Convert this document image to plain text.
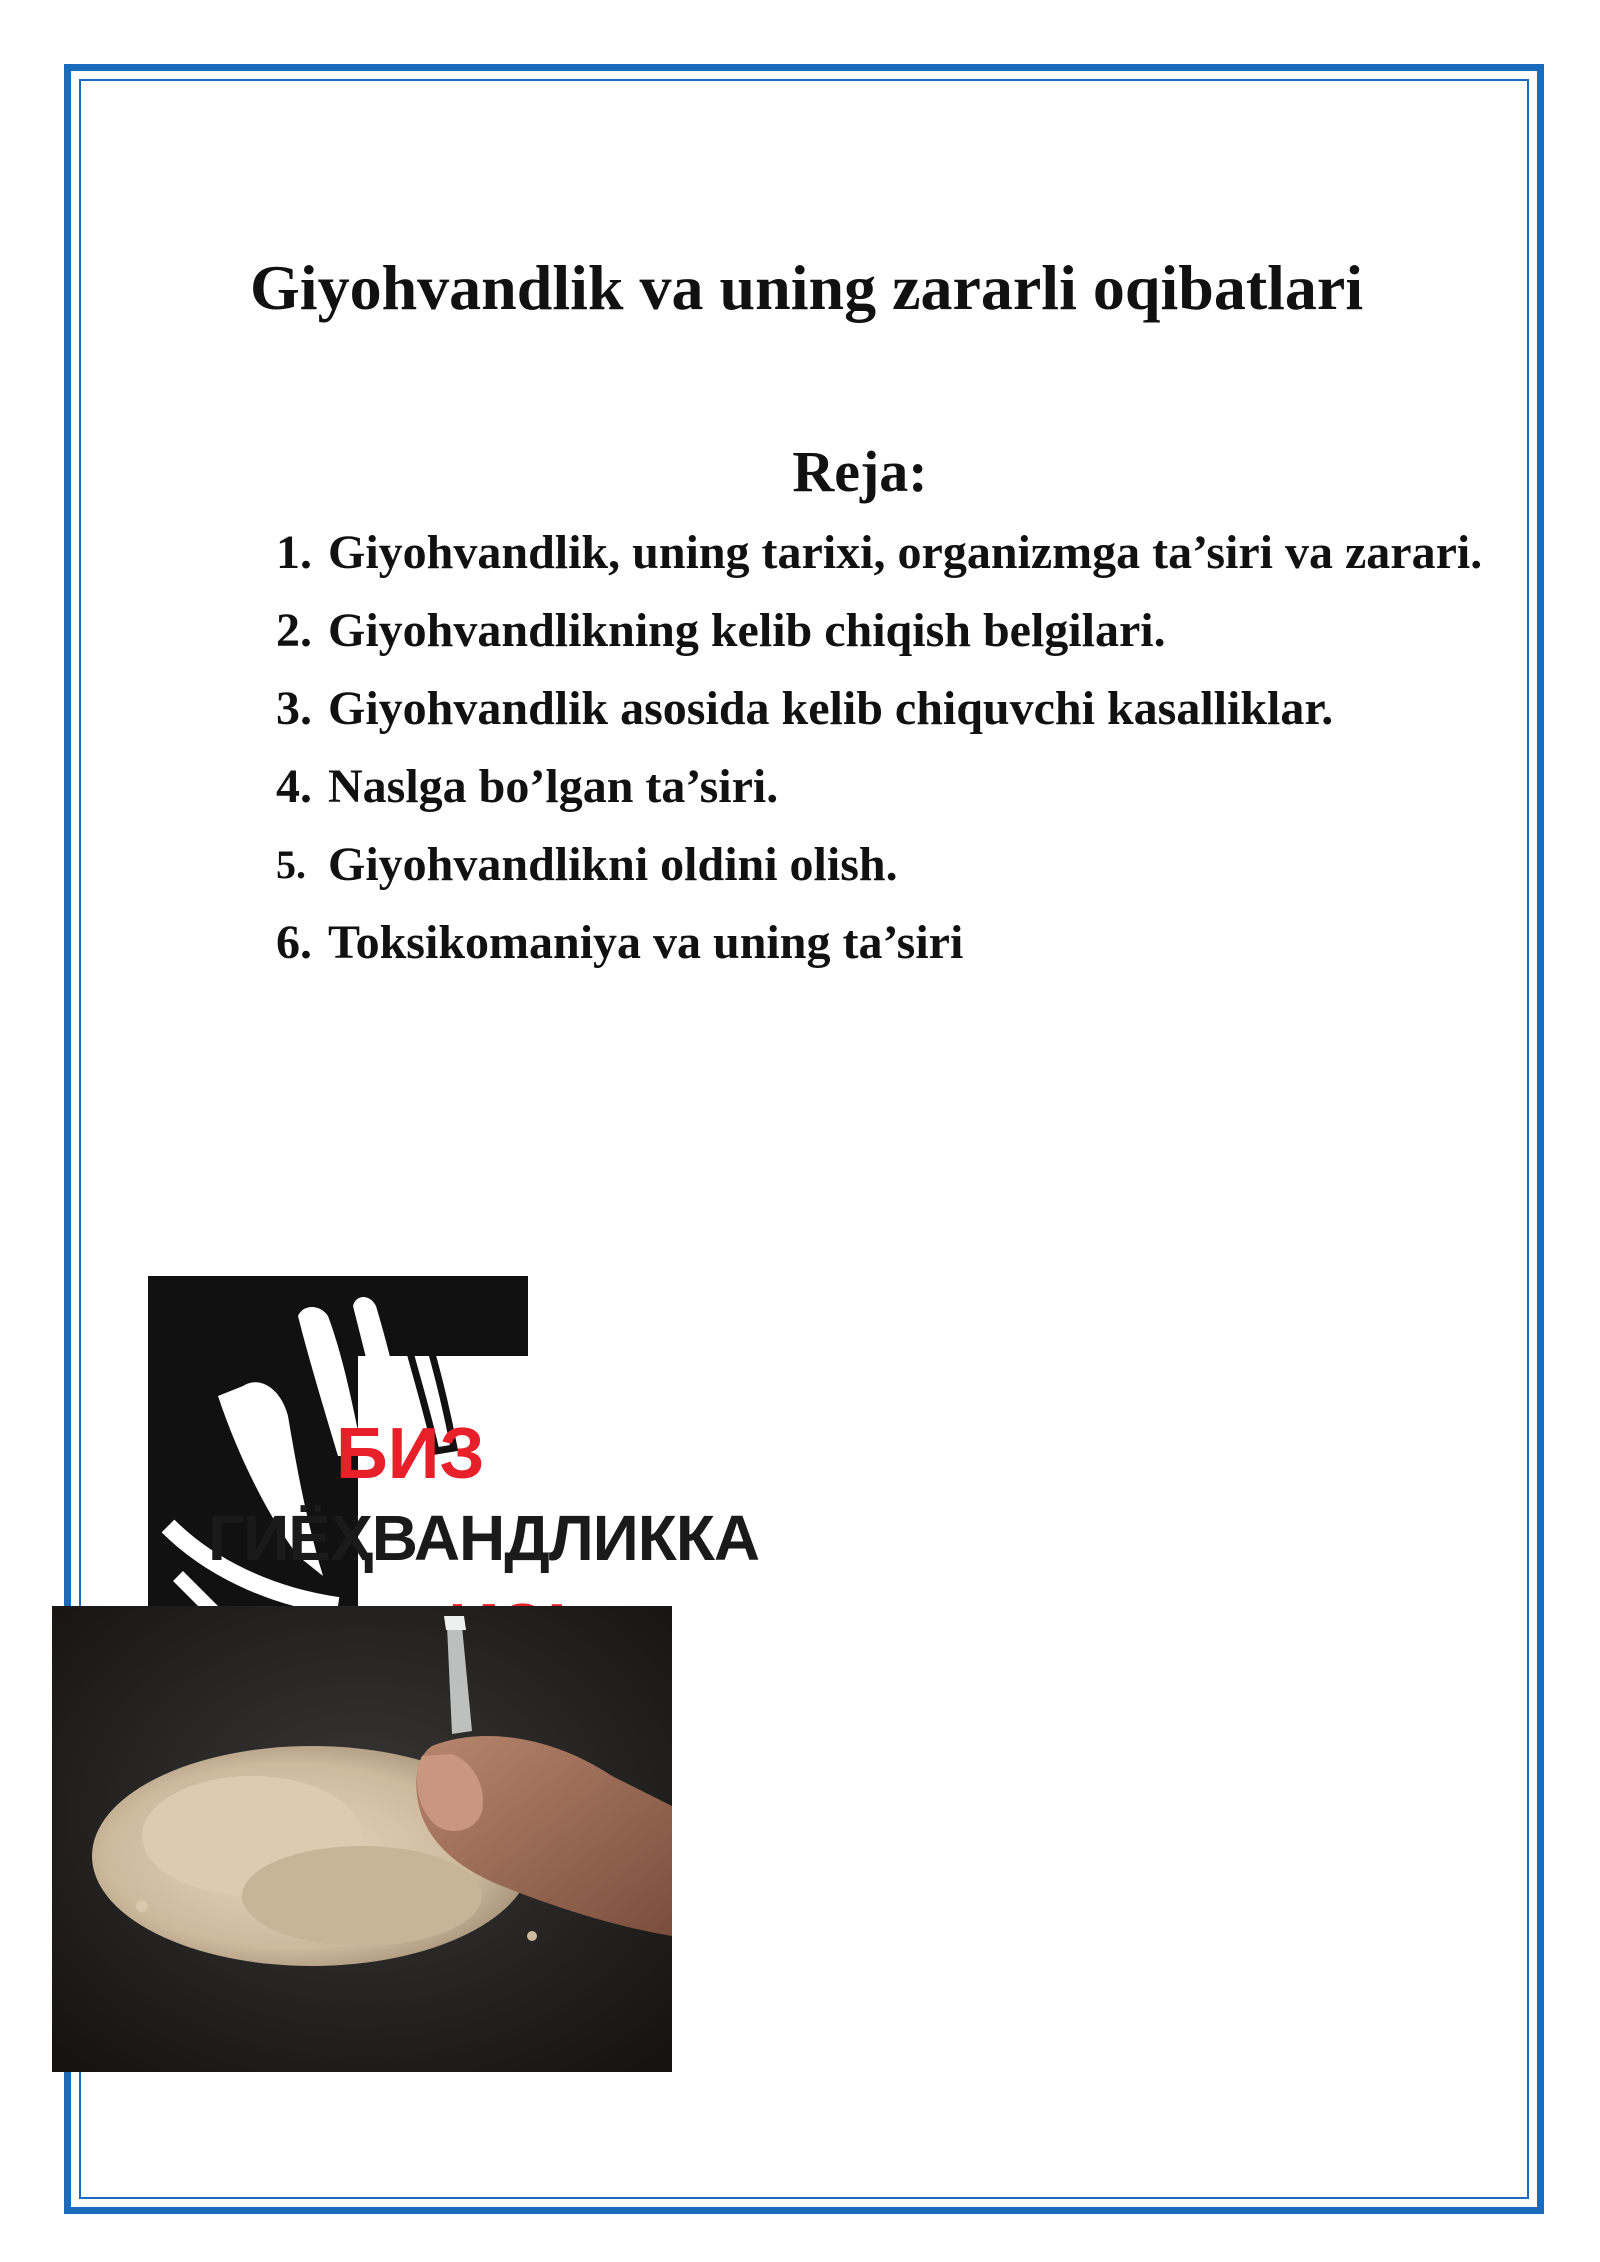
Giyohvandlik va uning zararli oqibatlari
Reja:
1. Giyohvandlik, uning tarixi, organizmga ta’siri va zarari.
2. Giyohvandlikning kelib chiqish belgilari.
3. Giyohvandlik asosida kelib chiquvchi kasalliklar.
4. Naslga bo’lgan ta’siri.
5. Giyohvandlikni oldini olish.
6. Toksikomaniya va uning ta’siri
БИЗ
ГИЁҲВАНДЛИККА
